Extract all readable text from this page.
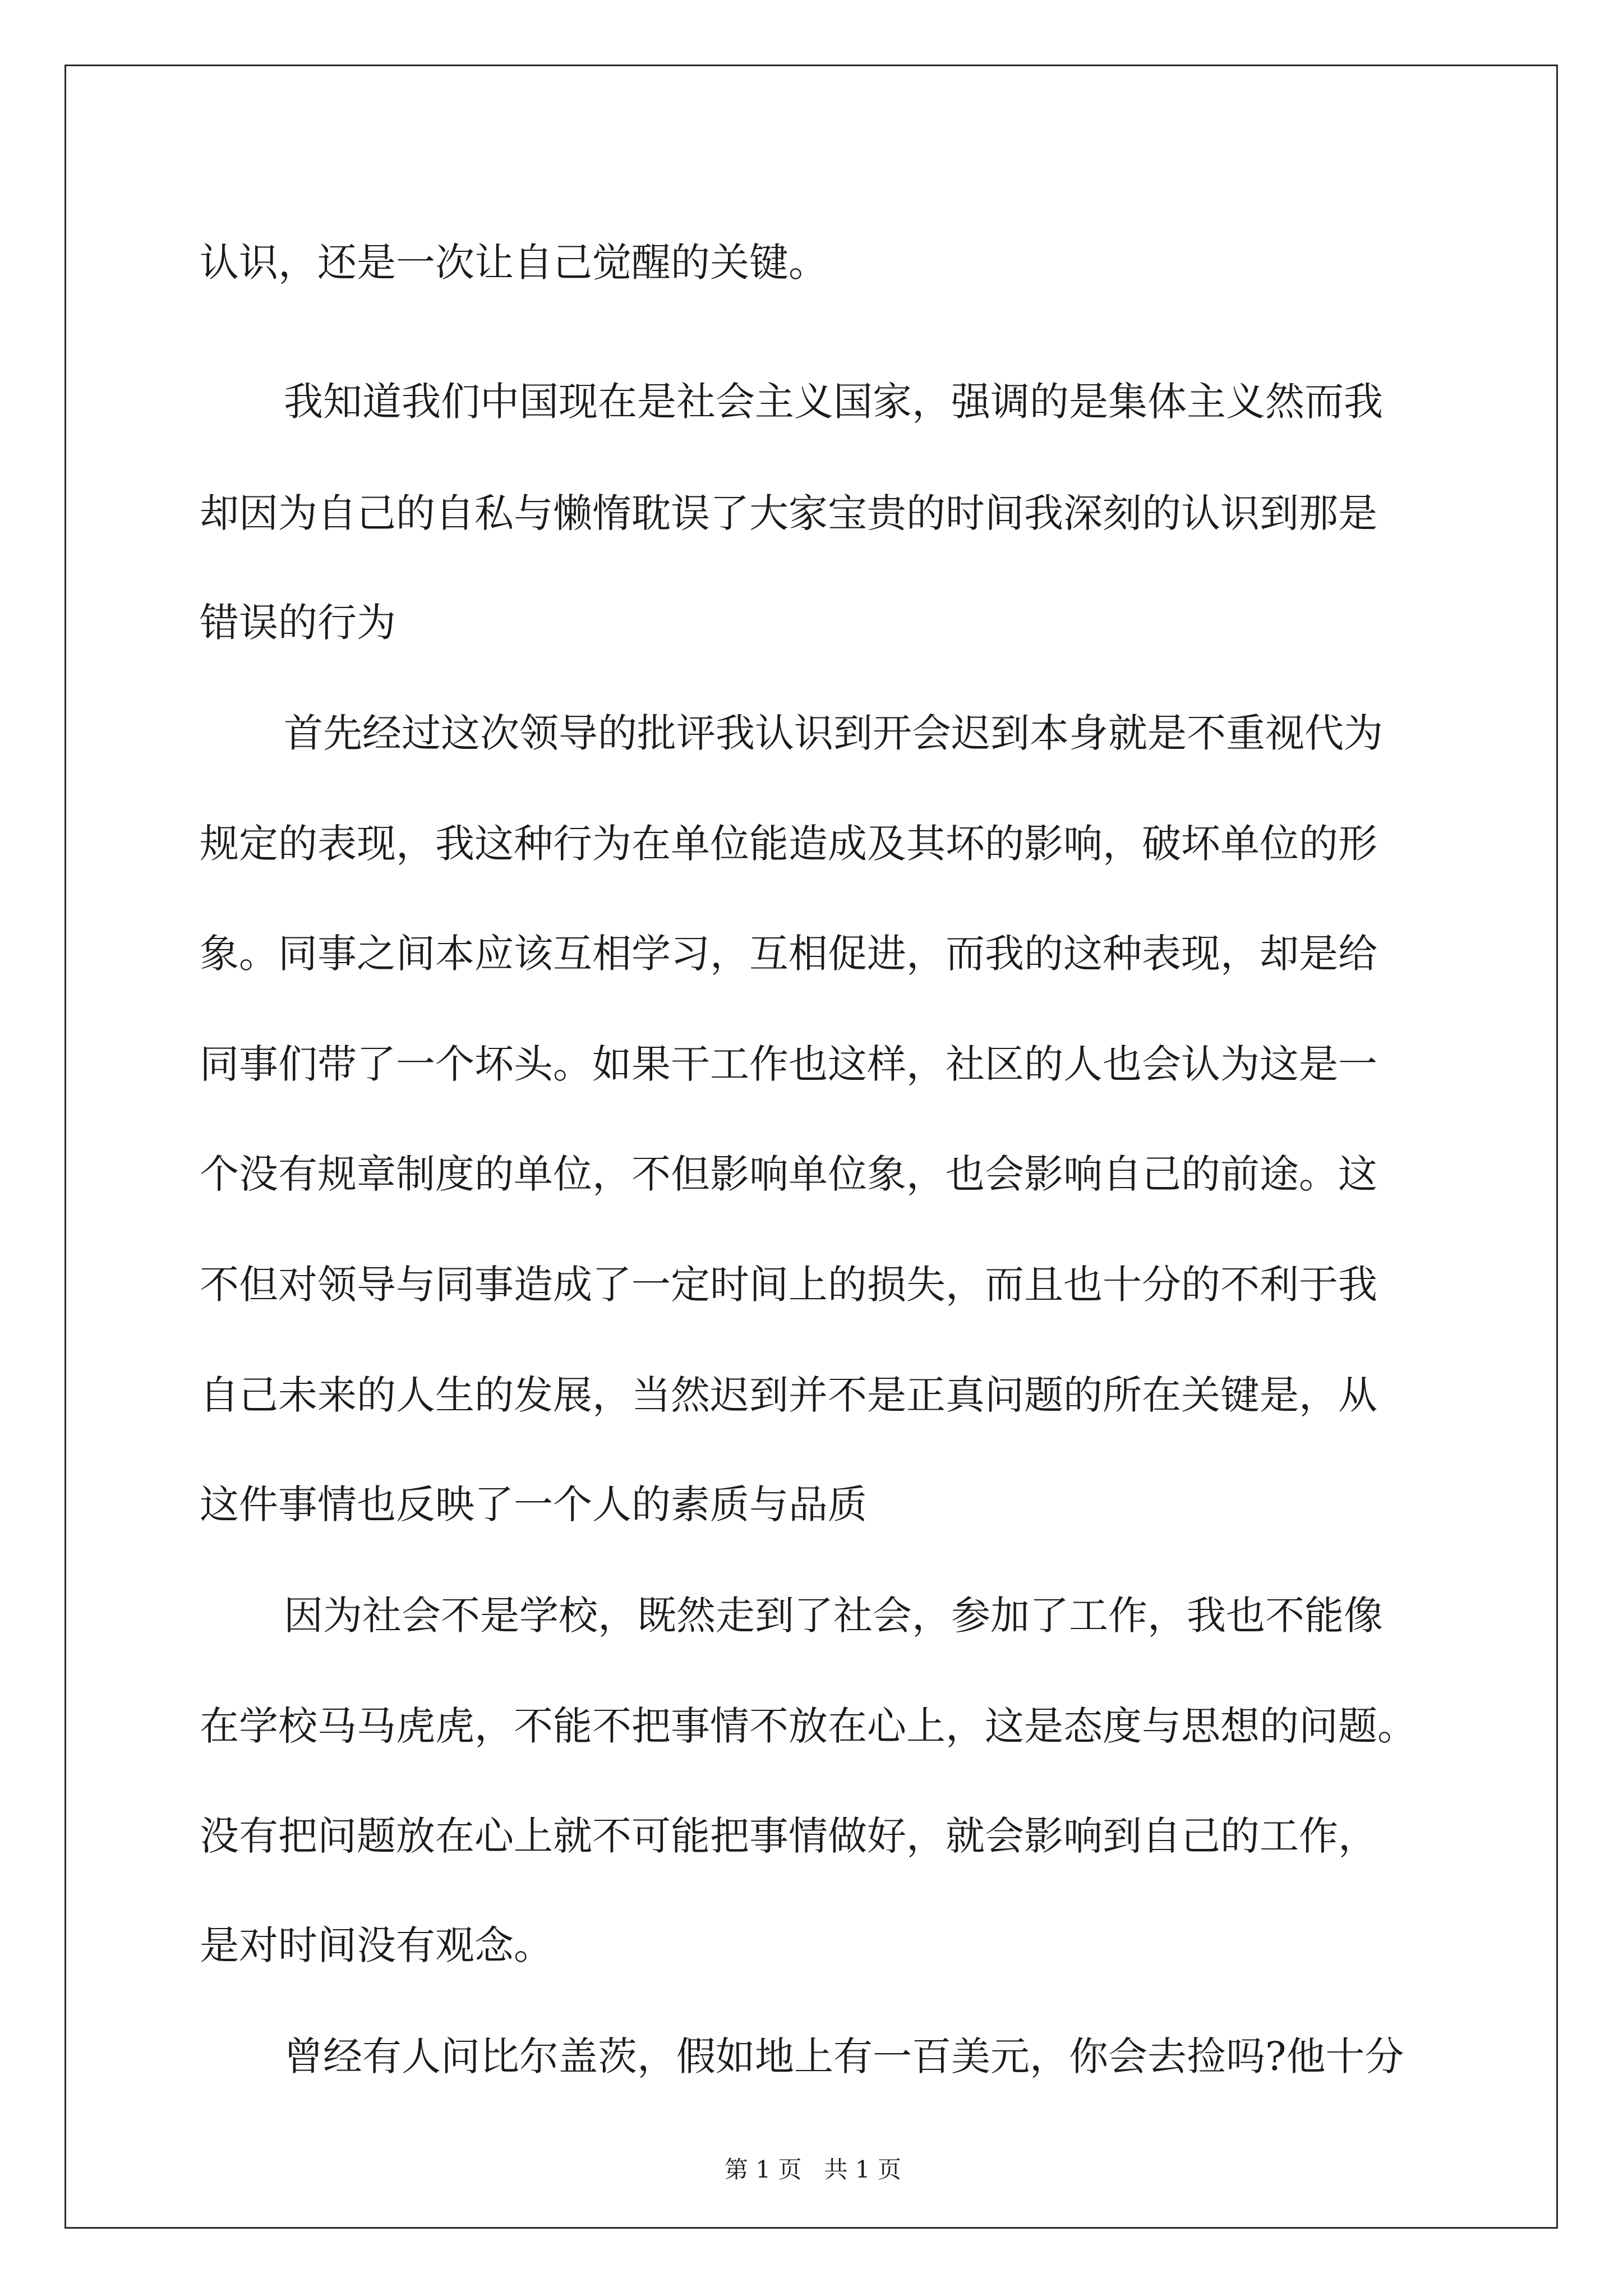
认识，还是一次让自己觉醒的关键。

我知道我们中国现在是社会主义国家，强调的是集体主义然而我

却因为自己的自私与懒惰耽误了大家宝贵的时间我深刻的认识到那是

错误的行为

首先经过这次领导的批评我认识到开会迟到本身就是不重视代为

规定的表现，我这种行为在单位能造成及其坏的影响，破坏单位的形

象。同事之间本应该互相学习，互相促进，而我的这种表现，却是给

同事们带了一个坏头。如果干工作也这样，社区的人也会认为这是一

个没有规章制度的单位，不但影响单位象，也会影响自己的前途。这

不但对领导与同事造成了一定时间上的损失，而且也十分的不利于我

自己未来的人生的发展，当然迟到并不是正真问题的所在关键是，从

这件事情也反映了一个人的素质与品质

因为社会不是学校，既然走到了社会，参加了工作，我也不能像

在学校马马虎虎，不能不把事情不放在心上，这是态度与思想的问题。

没有把问题放在心上就不可能把事情做好，就会影响到自己的工作，

是对时间没有观念。

曾经有人问比尔盖茨，假如地上有一百美元，你会去捡吗?他十分

第 1 页   共 1 页
